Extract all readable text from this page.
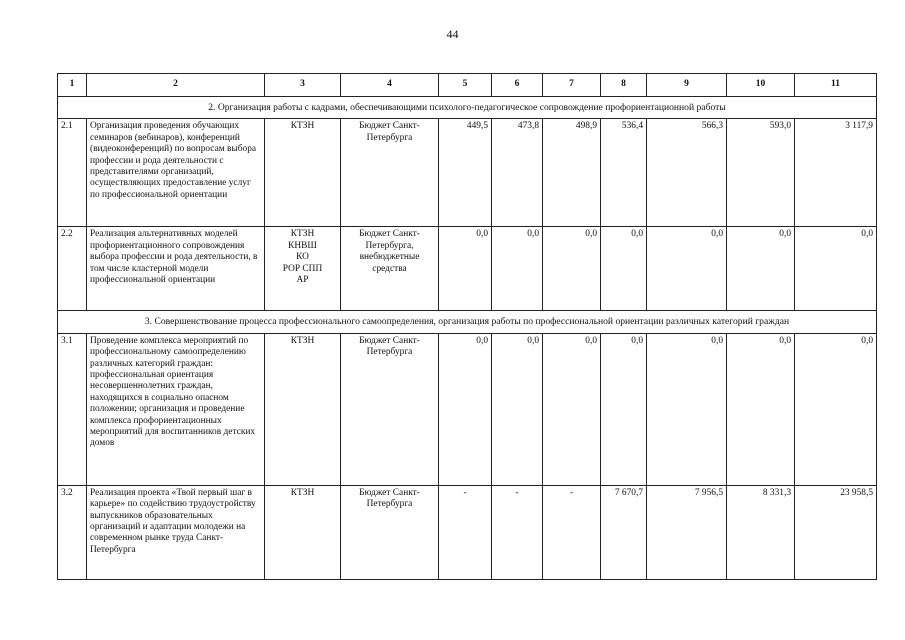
44
1	2	3	4	5	6	7	8	9	10	11
2. Организация работы с кадрами, обеспечивающими психолого-педагогическое сопровождение профориентационной работы										
2.1	Организация проведения обучающих семинаров (вебинаров), конференций (видеоконференций) по вопросам выбора профессии и рода деятельности с представителями организаций, осуществляющих предоставление услуг по профессиональной ориентации	КТЗН	Бюджет Санкт-Петербурга	449,5	473,8	498,9	536,4	566,3	593,0	3 117,9
2.2	Реализация альтернативных моделей профориентационного сопровождения выбора профессии и рода деятельности, в том числе кластерной модели профессиональной ориентации	КТЗН
КНВШ
КО
РОР СПП
АР	Бюджет Санкт-Петербурга, внебюджетные средства	0,0	0,0	0,0	0,0	0,0	0,0	0,0
3. Совершенствование процесса профессионального самоопределения, организация работы по профессиональной ориентации различных категорий граждан										
3.1	Проведение комплекса мероприятий по профессиональному самоопределению различных категорий граждан: профессиональная ориентация несовершеннолетних граждан, находящихся в социально опасном положении; организация и проведение комплекса профориентационных мероприятий для воспитанников детских домов	КТЗН	Бюджет Санкт-Петербурга	0,0	0,0	0,0	0,0	0,0	0,0	0,0
3.2	Реализация проекта «Твой первый шаг в карьере» по содействию трудоустройству выпускников образовательных организаций и адаптации молодежи на современном рынке труда Санкт-Петербурга	КТЗН	Бюджет Санкт-Петербурга	-	-	-	7 670,7	7 956,5	8 331,3	23 958,5
